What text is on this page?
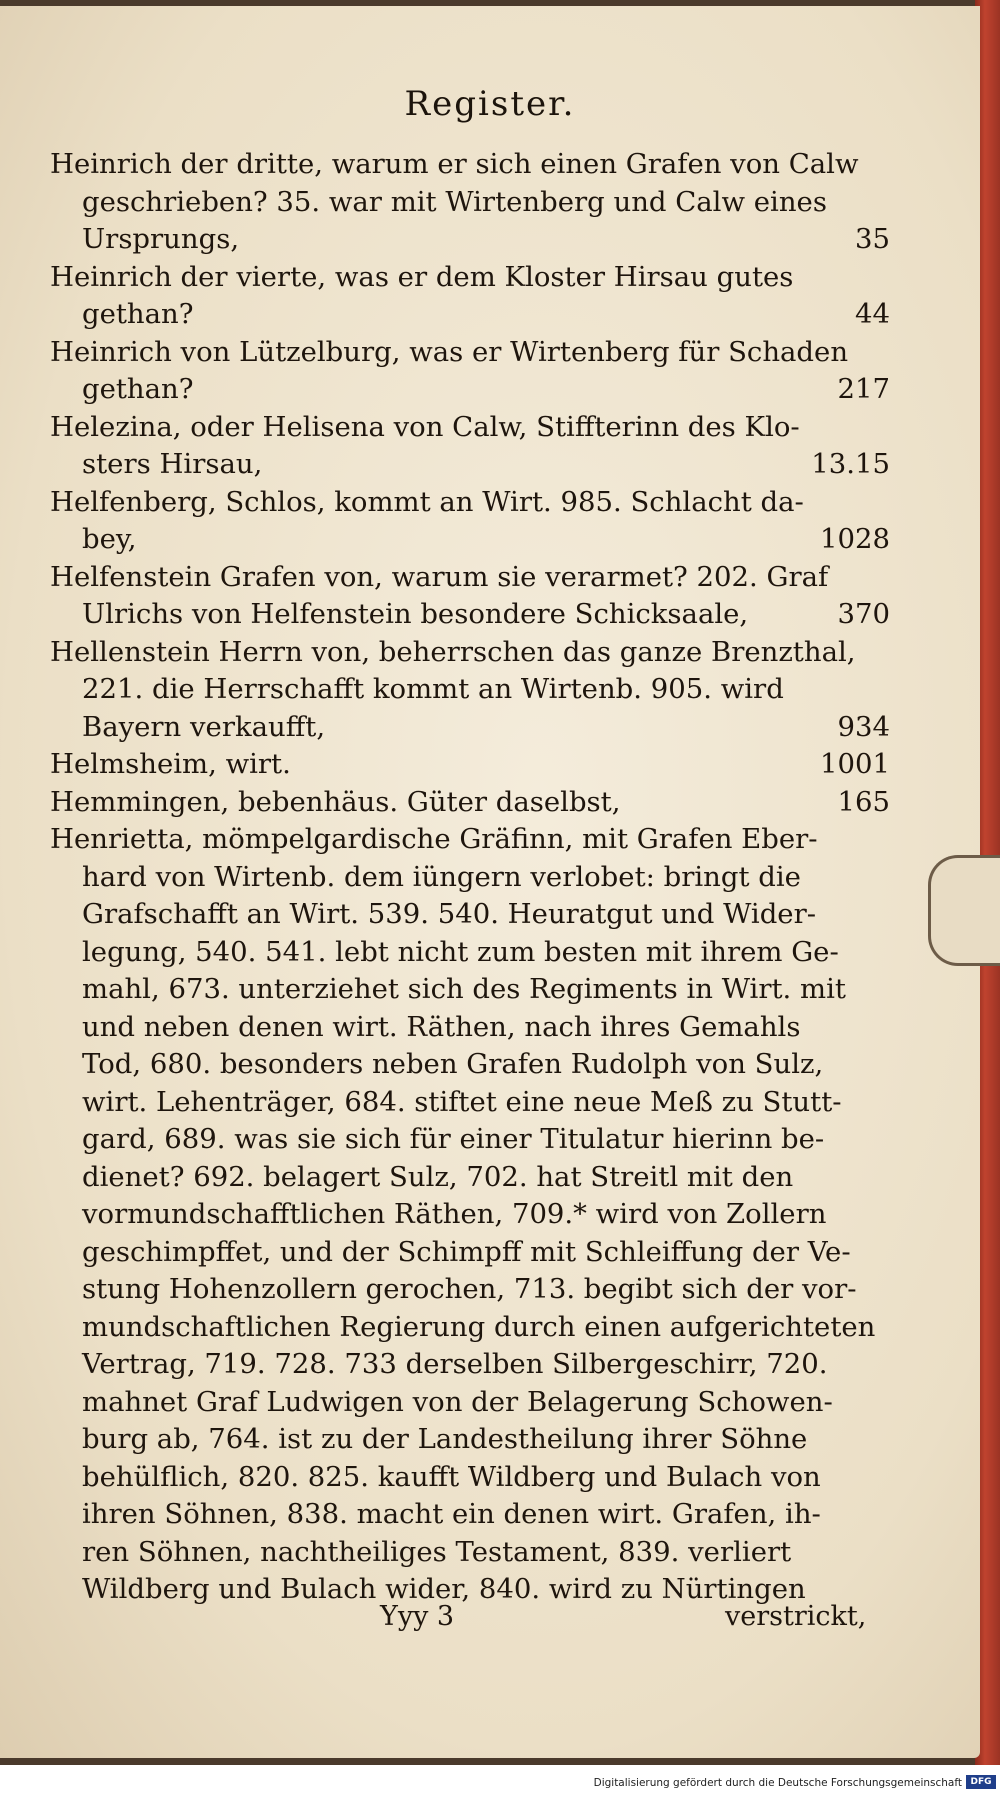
Register.
Heinrich der dritte, warum er sich einen Grafen von Calw
geschrieben? 35. war mit Wirtenberg und Calw eines
Ursprungs,	35
Heinrich der vierte, was er dem Kloster Hirsau gutes
gethan?	44
Heinrich von Lützelburg, was er Wirtenberg für Schaden
gethan?	217
Helezina, oder Helisena von Calw, Stiffterinn des Klo-
sters Hirsau,	13.15
Helfenberg, Schlos, kommt an Wirt. 985. Schlacht da-
bey,	1028
Helfenstein Grafen von, warum sie verarmet? 202. Graf
Ulrichs von Helfenstein besondere Schicksaale,	370
Hellenstein Herrn von, beherrschen das ganze Brenzthal,
221. die Herrschafft kommt an Wirtenb. 905. wird
Bayern verkaufft,	934
Helmsheim, wirt.	1001
Hemmingen, bebenhäus. Güter daselbst,	165
Henrietta, mömpelgardische Gräfinn, mit Grafen Eber-
hard von Wirtenb. dem iüngern verlobet: bringt die
Grafschafft an Wirt. 539. 540. Heuratgut und Wider-
legung, 540. 541. lebt nicht zum besten mit ihrem Ge-
mahl, 673. unterziehet sich des Regiments in Wirt. mit
und neben denen wirt. Räthen, nach ihres Gemahls
Tod, 680. besonders neben Grafen Rudolph von Sulz,
wirt. Lehenträger, 684. stiftet eine neue Meß zu Stutt-
gard, 689. was sie sich für einer Titulatur hierinn be-
dienet? 692. belagert Sulz, 702. hat Streitl mit den
vormundschafftlichen Räthen, 709.* wird von Zollern
geschimpffet, und der Schimpff mit Schleiffung der Ve-
stung Hohenzollern gerochen, 713. begibt sich der vor-
mundschaftlichen Regierung durch einen aufgerichteten
Vertrag, 719. 728. 733 derselben Silbergeschirr, 720.
mahnet Graf Ludwigen von der Belagerung Schowen-
burg ab, 764. ist zu der Landestheilung ihrer Söhne
behülflich, 820. 825. kaufft Wildberg und Bulach von
ihren Söhnen, 838. macht ein denen wirt. Grafen, ih-
ren Söhnen, nachtheiliges Testament, 839. verliert
Wildberg und Bulach wider, 840. wird zu Nürtingen
Yyy 3	verstrickt,
Digitalisierung gefördert durch die Deutsche Forschungsgemeinschaft DFG
